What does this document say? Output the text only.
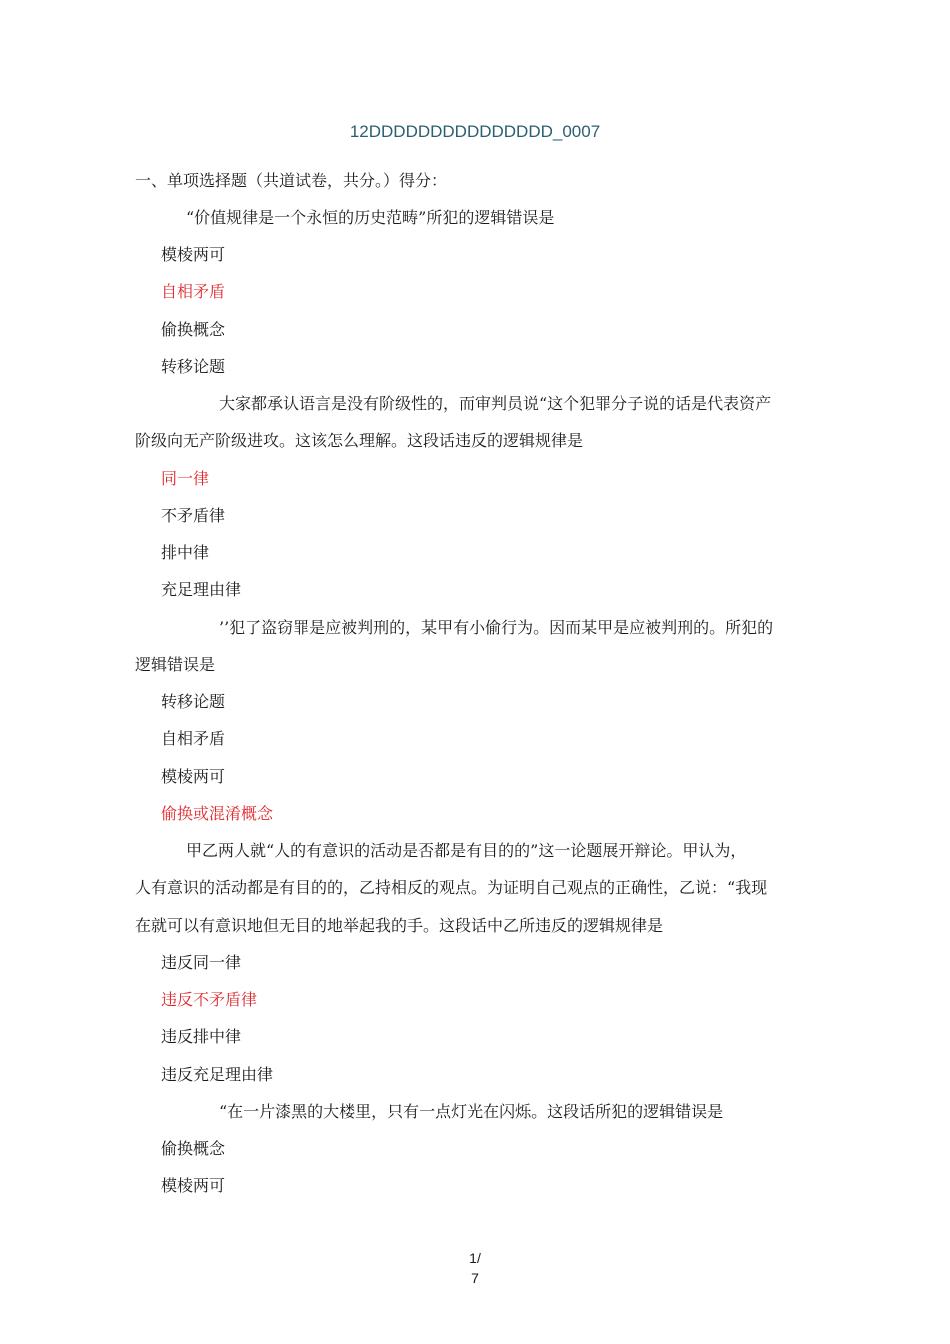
12DDDDDDDDDDDDDDD_0007
一、单项选择题（共道试卷，共分。）得分：
“价值规律是一个永恒的历史范畴”所犯的逻辑错误是
模棱两可
自相矛盾
偷换概念
转移论题
大家都承认语言是没有阶级性的，而审判员说“这个犯罪分子说的话是代表资产
阶级向无产阶级进攻。这该怎么理解。这段话违反的逻辑规律是
同一律
不矛盾律
排中律
充足理由律
’’犯了盗窃罪是应被判刑的，某甲有小偷行为。因而某甲是应被判刑的。所犯的
逻辑错误是
转移论题
自相矛盾
模棱两可
偷换或混淆概念
甲乙两人就“人的有意识的活动是否都是有目的的”这一论题展开辩论。甲认为，
人有意识的活动都是有目的的，乙持相反的观点。为证明自己观点的正确性，乙说：“我现
在就可以有意识地但无目的地举起我的手。这段话中乙所违反的逻辑规律是
违反同一律
违反不矛盾律
违反排中律
违反充足理由律
“在一片漆黑的大楼里，只有一点灯光在闪烁。这段话所犯的逻辑错误是
偷换概念
模棱两可
1/
7
